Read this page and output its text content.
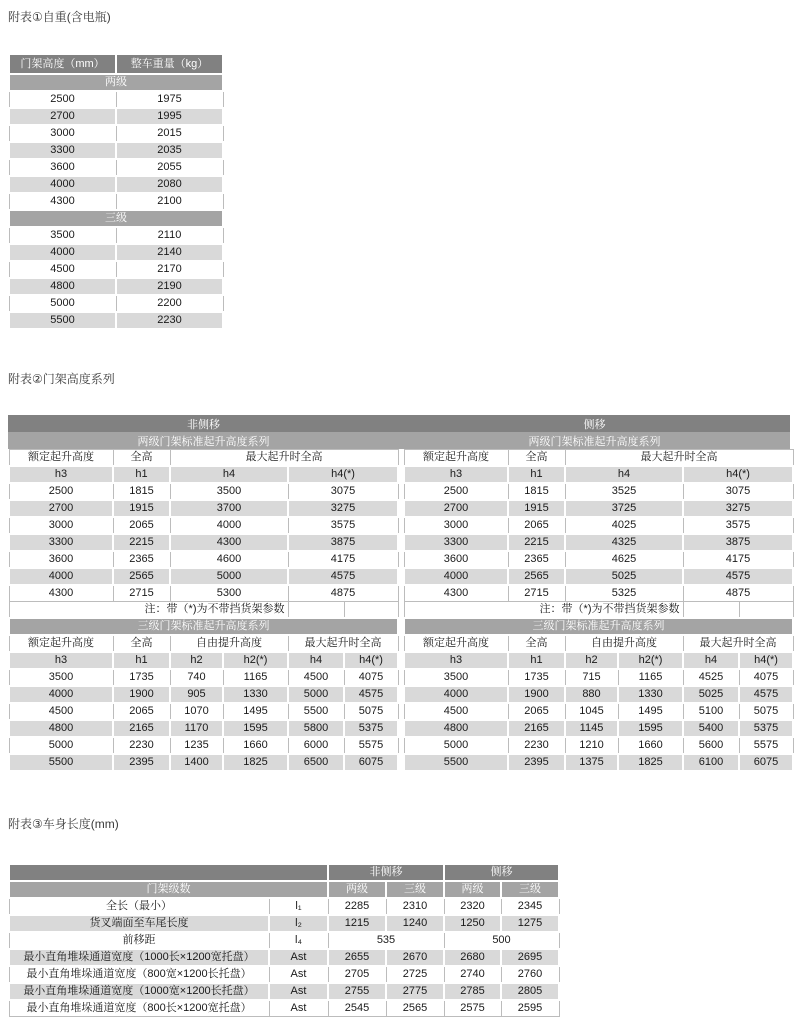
附表①自重(含电瓶)
门架高度（mm）	整车重量（kg）
两级	
2500	1975
2700	1995
3000	2015
3300	2035
3600	2055
4000	2080
4300	2100
三级	
3500	2110
4000	2140
4500	2170
4800	2190
5000	2200
5500	2230
附表②门架高度系列
非侧移	侧移
两级门架标准起升高度系列	两级门架标准起升高度系列
额定起升高度	全高	最大起升时全高			
h3	h1	h4		h4(*)	
2500	1815	3500		3075	
2700	1915	3700		3275	
3000	2065	4000		3575	
3300	2215	4300		3875	
3600	2365	4600		4175	
4000	2565	5000		4575	
4300	2715	5300		4875	
注：带（*)为不带挡货架参数					
三级门架标准起升高度系列					
额定起升高度	全高	自由提升高度		最大起升时全高	
h3	h1	h2	h2(*)	h4	h4(*)
3500	1735	740	1165	4500	4075
4000	1900	905	1330	5000	4575
4500	2065	1070	1495	5500	5075
4800	2165	1170	1595	5800	5375
5000	2230	1235	1660	6000	5575
5500	2395	1400	1825	6500	6075
额定起升高度	全高	最大起升时全高			
h3	h1	h4		h4(*)	
2500	1815	3525		3075	
2700	1915	3725		3275	
3000	2065	4025		3575	
3300	2215	4325		3875	
3600	2365	4625		4175	
4000	2565	5025		4575	
4300	2715	5325		4875	
注：带（*)为不带挡货架参数					
三级门架标准起升高度系列					
额定起升高度	全高	自由提升高度		最大起升时全高	
h3	h1	h2	h2(*)	h4	h4(*)
3500	1735	715	1165	4525	4075
4000	1900	880	1330	5025	4575
4500	2065	1045	1495	5100	5075
4800	2165	1145	1595	5400	5375
5000	2230	1210	1660	5600	5575
5500	2395	1375	1825	6100	6075
附表③车身长度(mm)
		非侧移		侧移	
门架级数		两级	三级	两级	三级
全长（最小）	l₁	2285	2310	2320	2345
货叉端面至车尾长度	l₂	1215	1240	1250	1275
前移距	l₄	535		500	
最小直角堆垛通道宽度（1000长×1200宽托盘）	Ast	2655	2670	2680	2695
最小直角堆垛通道宽度（800宽×1200长托盘）	Ast	2705	2725	2740	2760
最小直角堆垛通道宽度（1000宽×1200长托盘）	Ast	2755	2775	2785	2805
最小直角堆垛通道宽度（800长×1200宽托盘）	Ast	2545	2565	2575	2595
